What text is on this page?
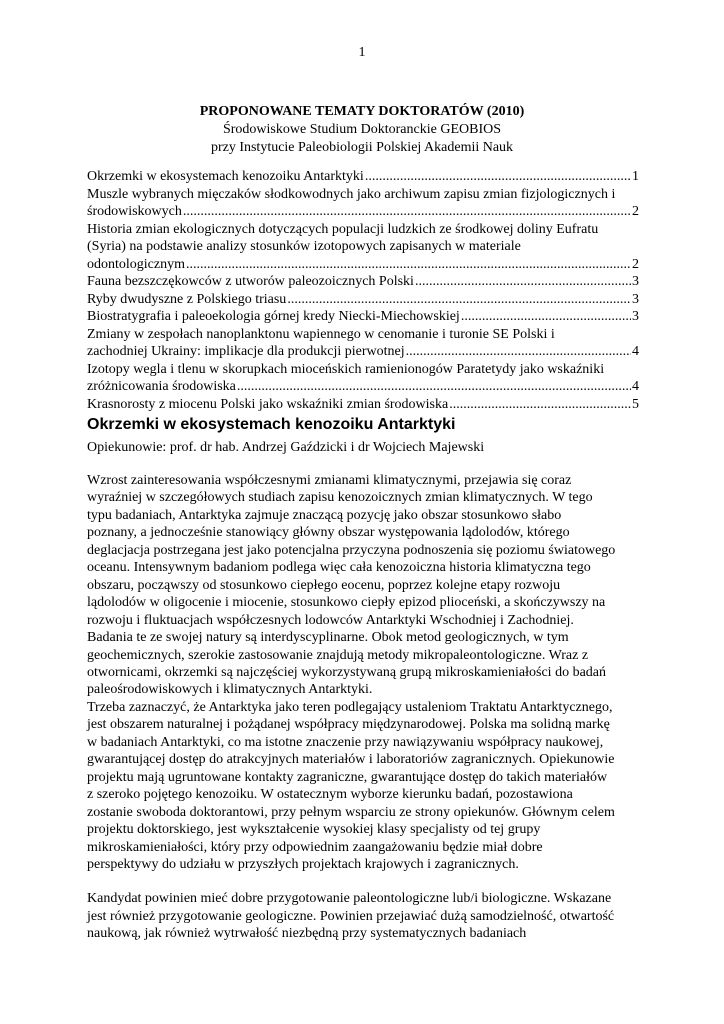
1
PROPONOWANE TEMATY DOKTORATÓW (2010)
Środowiskowe Studium Doktoranckie GEOBIOS
przy Instytucie Paleobiologii Polskiej Akademii Nauk
Okrzemki w ekosystemach kenozoiku Antarktyki .....	1
Muszle wybranych mięczaków słodkowodnych jako archiwum zapisu zmian fizjologicznych i
środowiskowych .....	2
Historia zmian ekologicznych dotyczących populacji ludzkich ze środkowej doliny Eufratu
(Syria) na podstawie analizy stosunków izotopowych zapisanych w materiale
odontologicznym .....	2
Fauna bezszczękowców z utworów paleozoicznych Polski .....	3
Ryby dwudyszne z Polskiego triasu .....	3
Biostratygrafia i paleoekologia górnej kredy Niecki-Miechowskiej .....	3
Zmiany w zespołach nanoplanktonu wapiennego w cenomanie i turonie SE Polski i
zachodniej Ukrainy: implikacje dla produkcji pierwotnej .....	4
Izotopy wegla i tlenu w skorupkach mioceńskich ramienionogów Paratetydy jako wskaźniki
zróżnicowania środowiska .....	4
Krasnorosty z miocenu Polski jako wskaźniki zmian środowiska .....	5
Okrzemki w ekosystemach kenozoiku Antarktyki
Opiekunowie: prof. dr hab. Andrzej Gaździcki i dr Wojciech Majewski

Wzrost zainteresowania współczesnymi zmianami klimatycznymi, przejawia się coraz
wyraźniej w szczegółowych studiach zapisu kenozoicznych zmian klimatycznych. W tego
typu badaniach, Antarktyka zajmuje znaczącą pozycję jako obszar stosunkowo słabo
poznany, a jednocześnie stanowiący główny obszar występowania lądolodów, którego
deglacjacja postrzegana jest jako potencjalna przyczyna podnoszenia się poziomu światowego
oceanu. Intensywnym badaniom podlega więc cała kenozoiczna historia klimatyczna tego
obszaru, począwszy od stosunkowo ciepłego eocenu, poprzez kolejne etapy rozwoju
lądolodów w oligocenie i miocenie, stosunkowo ciepły epizod plioceński, a skończywszy na
rozwoju i fluktuacjach współczesnych lodowców Antarktyki Wschodniej i Zachodniej.
Badania te ze swojej natury są interdyscyplinarne. Obok metod geologicznych, w tym
geochemicznych, szerokie zastosowanie znajdują metody mikropaleontologiczne. Wraz z
otwornicami, okrzemki są najczęściej wykorzystywaną grupą mikroskamieniałości do badań
paleośrodowiskowych i klimatycznych Antarktyki.

Trzeba zaznaczyć, że Antarktyka jako teren podlegający ustaleniom Traktatu Antarktycznego,
jest obszarem naturalnej i pożądanej współpracy międzynarodowej. Polska ma solidną markę
w badaniach Antarktyki, co ma istotne znaczenie przy nawiązywaniu współpracy naukowej,
gwarantującej dostęp do atrakcyjnych materiałów i laboratoriów zagranicznych. Opiekunowie
projektu mają ugruntowane kontakty zagraniczne, gwarantujące dostęp do takich materiałów
z szeroko pojętego kenozoiku. W ostatecznym wyborze kierunku badań, pozostawiona
zostanie swoboda doktorantowi, przy pełnym wsparciu ze strony opiekunów. Głównym celem
projektu doktorskiego, jest wykształcenie wysokiej klasy specjalisty od tej grupy
mikroskamieniałości, który przy odpowiednim zaangażowaniu będzie miał dobre
perspektywy do udziału w przyszłych projektach krajowych i zagranicznych.

Kandydat powinien mieć dobre przygotowanie paleontologiczne lub/i biologiczne. Wskazane
jest również przygotowanie geologiczne. Powinien przejawiać dużą samodzielność, otwartość
naukową, jak również wytrwałość niezbędną przy systematycznych badaniach
